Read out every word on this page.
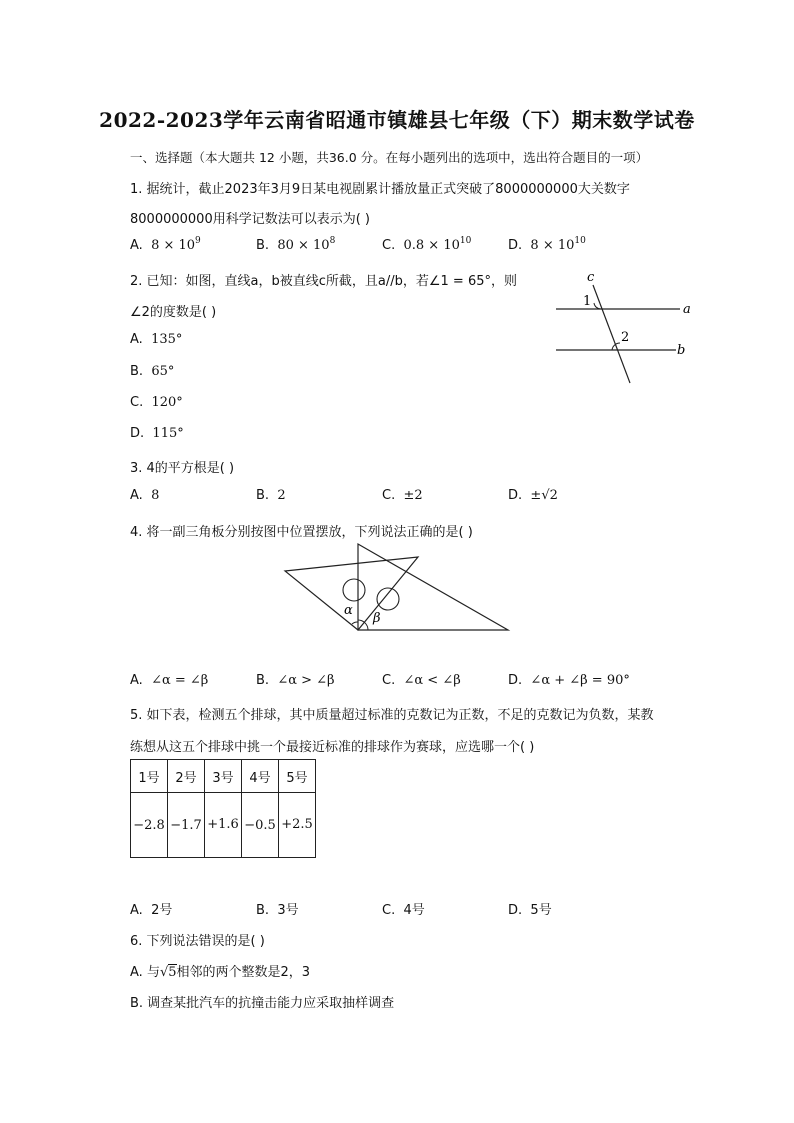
2022-2023学年云南省昭通市镇雄县七年级（下）期末数学试卷
一、选择题（本大题共 12 小题，共36.0 分。在每小题列出的选项中，选出符合题目的一项）
1. 据统计，截止2023年3月9日某电视剧累计播放量正式突破了8000000000大关数字
8000000000用科学记数法可以表示为( )
A. $8 \times 10^9$	B. $80 \times 10^8$	C. $0.8 \times 10^{10}$	D. $8 \times 10^{10}$
2. 已知：如图，直线a，b被直线c所截，且a//b，若∠1 = 65°，则
∠2的度数是( )
A. 135°
B. 65°
C. 120°
D. 115°
c
1
a
2
b
3. 4的平方根是( )
A. 8	B. 2	C. ±2	D. ±√2
4. 将一副三角板分别按图中位置摆放，下列说法正确的是( )
α
β
A. ∠α = ∠β	B. ∠α > ∠β	C. ∠α < ∠β	D. ∠α + ∠β = 90°
5. 如下表，检测五个排球，其中质量超过标准的克数记为正数，不足的克数记为负数，某教
练想从这五个排球中挑一个最接近标准的排球作为赛球，应选哪一个( )
1号	2号	3号	4号	5号
−2.8	−1.7	+1.6	−0.5	+2.5
A. 2号	B. 3号	C. 4号	D. 5号
6. 下列说法错误的是( )
A. 与√5相邻的两个整数是2，3
B. 调查某批汽车的抗撞击能力应采取抽样调查
